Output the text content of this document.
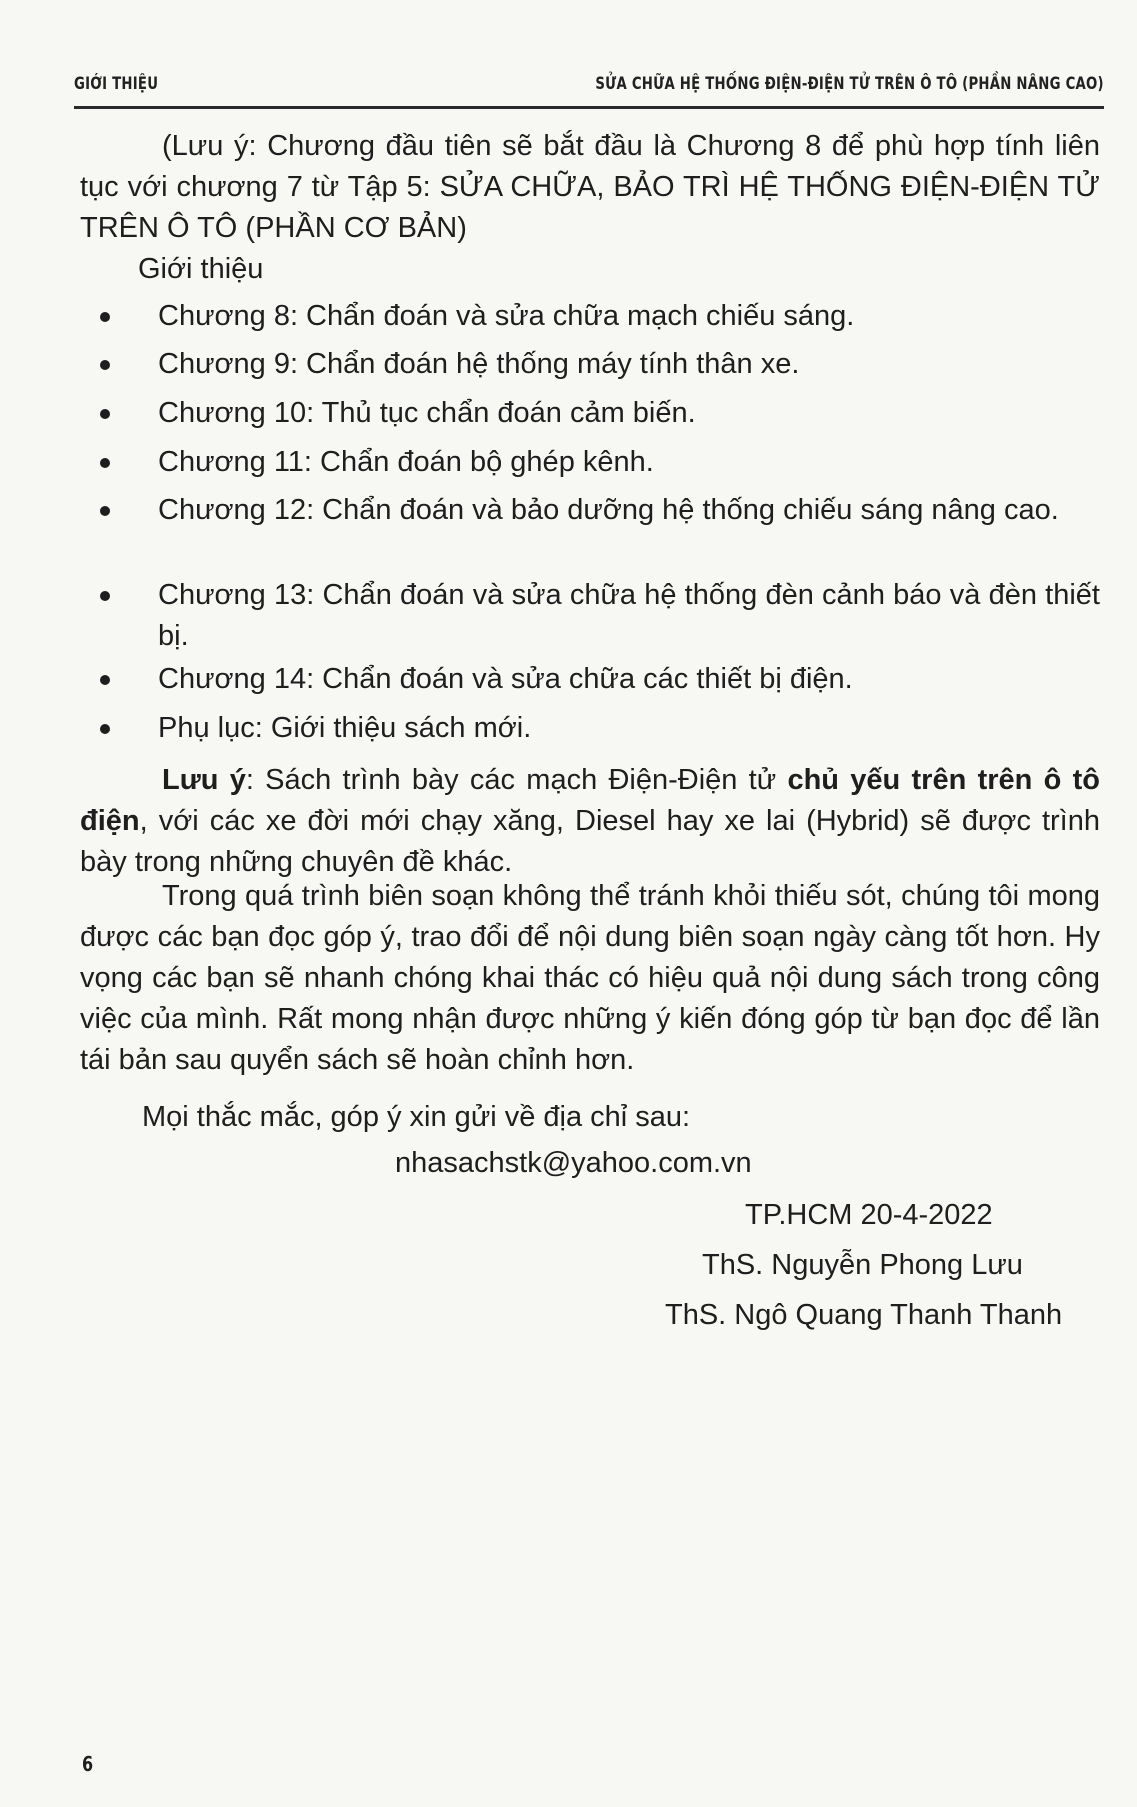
GIỚI THIỆU	SỬA CHỮA HỆ THỐNG ĐIỆN-ĐIỆN TỬ TRÊN Ô TÔ (PHẦN NÂNG CAO)
(Lưu ý: Chương đầu tiên sẽ bắt đầu là Chương 8 để phù hợp tính liên tục với chương 7 từ Tập 5: SỬA CHỮA, BẢO TRÌ HỆ THỐNG ĐIỆN-ĐIỆN TỬ TRÊN Ô TÔ (PHẦN CƠ BẢN)
Giới thiệu
Chương 8: Chẩn đoán và sửa chữa mạch chiếu sáng.
Chương 9: Chẩn đoán hệ thống máy tính thân xe.
Chương 10: Thủ tục chẩn đoán cảm biến.
Chương 11: Chẩn đoán bộ ghép kênh.
Chương 12: Chẩn đoán và bảo dưỡng hệ thống chiếu sáng nâng cao.
Chương 13: Chẩn đoán và sửa chữa hệ thống đèn cảnh báo và đèn thiết bị.
Chương 14: Chẩn đoán và sửa chữa các thiết bị điện.
Phụ lục: Giới thiệu sách mới.
Lưu ý: Sách trình bày các mạch Điện-Điện tử chủ yếu trên trên ô tô điện, với các xe đời mới chạy xăng, Diesel hay xe lai (Hybrid) sẽ được trình bày trong những chuyên đề khác.
Trong quá trình biên soạn không thể tránh khỏi thiếu sót, chúng tôi mong được các bạn đọc góp ý, trao đổi để nội dung biên soạn ngày càng tốt hơn. Hy vọng các bạn sẽ nhanh chóng khai thác có hiệu quả nội dung sách trong công việc của mình. Rất mong nhận được những ý kiến đóng góp từ bạn đọc để lần tái bản sau quyển sách sẽ hoàn chỉnh hơn.
Mọi thắc mắc, góp ý xin gửi về địa chỉ sau:
nhasachstk@yahoo.com.vn
TP.HCM 20-4-2022
ThS. Nguyễn Phong Lưu
ThS. Ngô Quang Thanh Thanh
6
